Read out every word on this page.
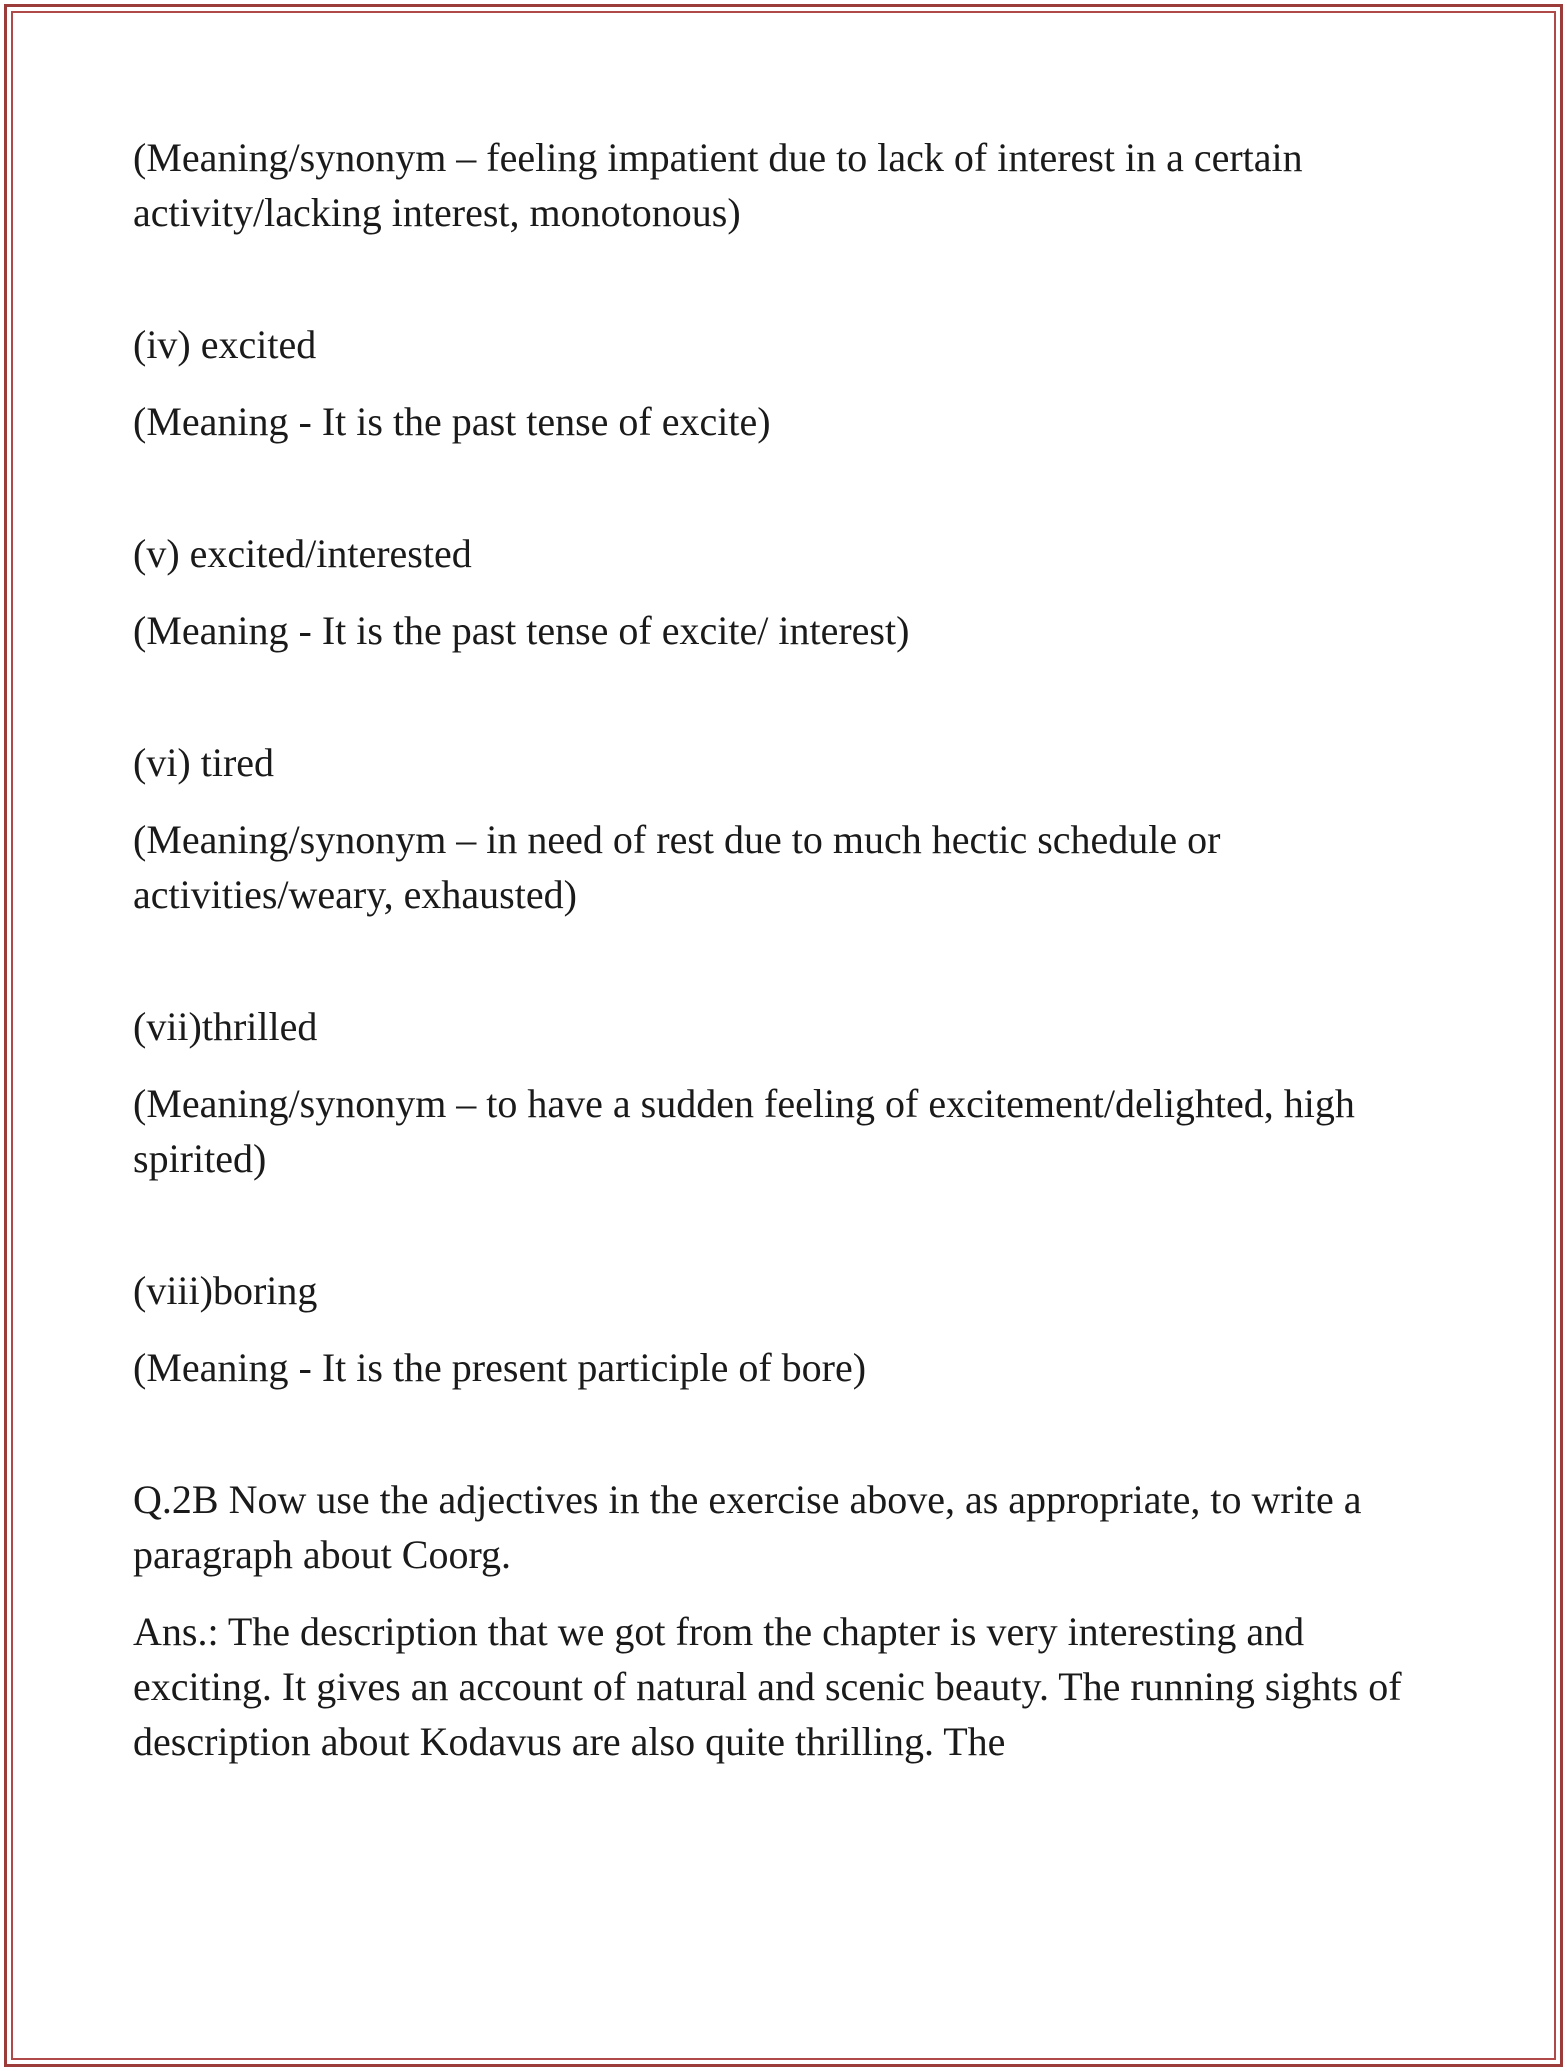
(Meaning/synonym – feeling impatient due to lack of interest in a certain activity/lacking interest, monotonous)

(iv) excited

(Meaning - It is the past tense of excite)

(v) excited/interested

(Meaning - It is the past tense of excite/ interest)

(vi) tired

(Meaning/synonym – in need of rest due to much hectic schedule or activities/weary, exhausted)

(vii)thrilled

(Meaning/synonym – to have a sudden feeling of excitement/delighted, high spirited)

(viii)boring

(Meaning - It is the present participle of bore)

Q.2B Now use the adjectives in the exercise above, as appropriate, to write a paragraph about Coorg.

Ans.: The description that we got from the chapter is very interesting and exciting. It gives an account of natural and scenic beauty. The running sights of description about Kodavus are also quite thrilling. The
